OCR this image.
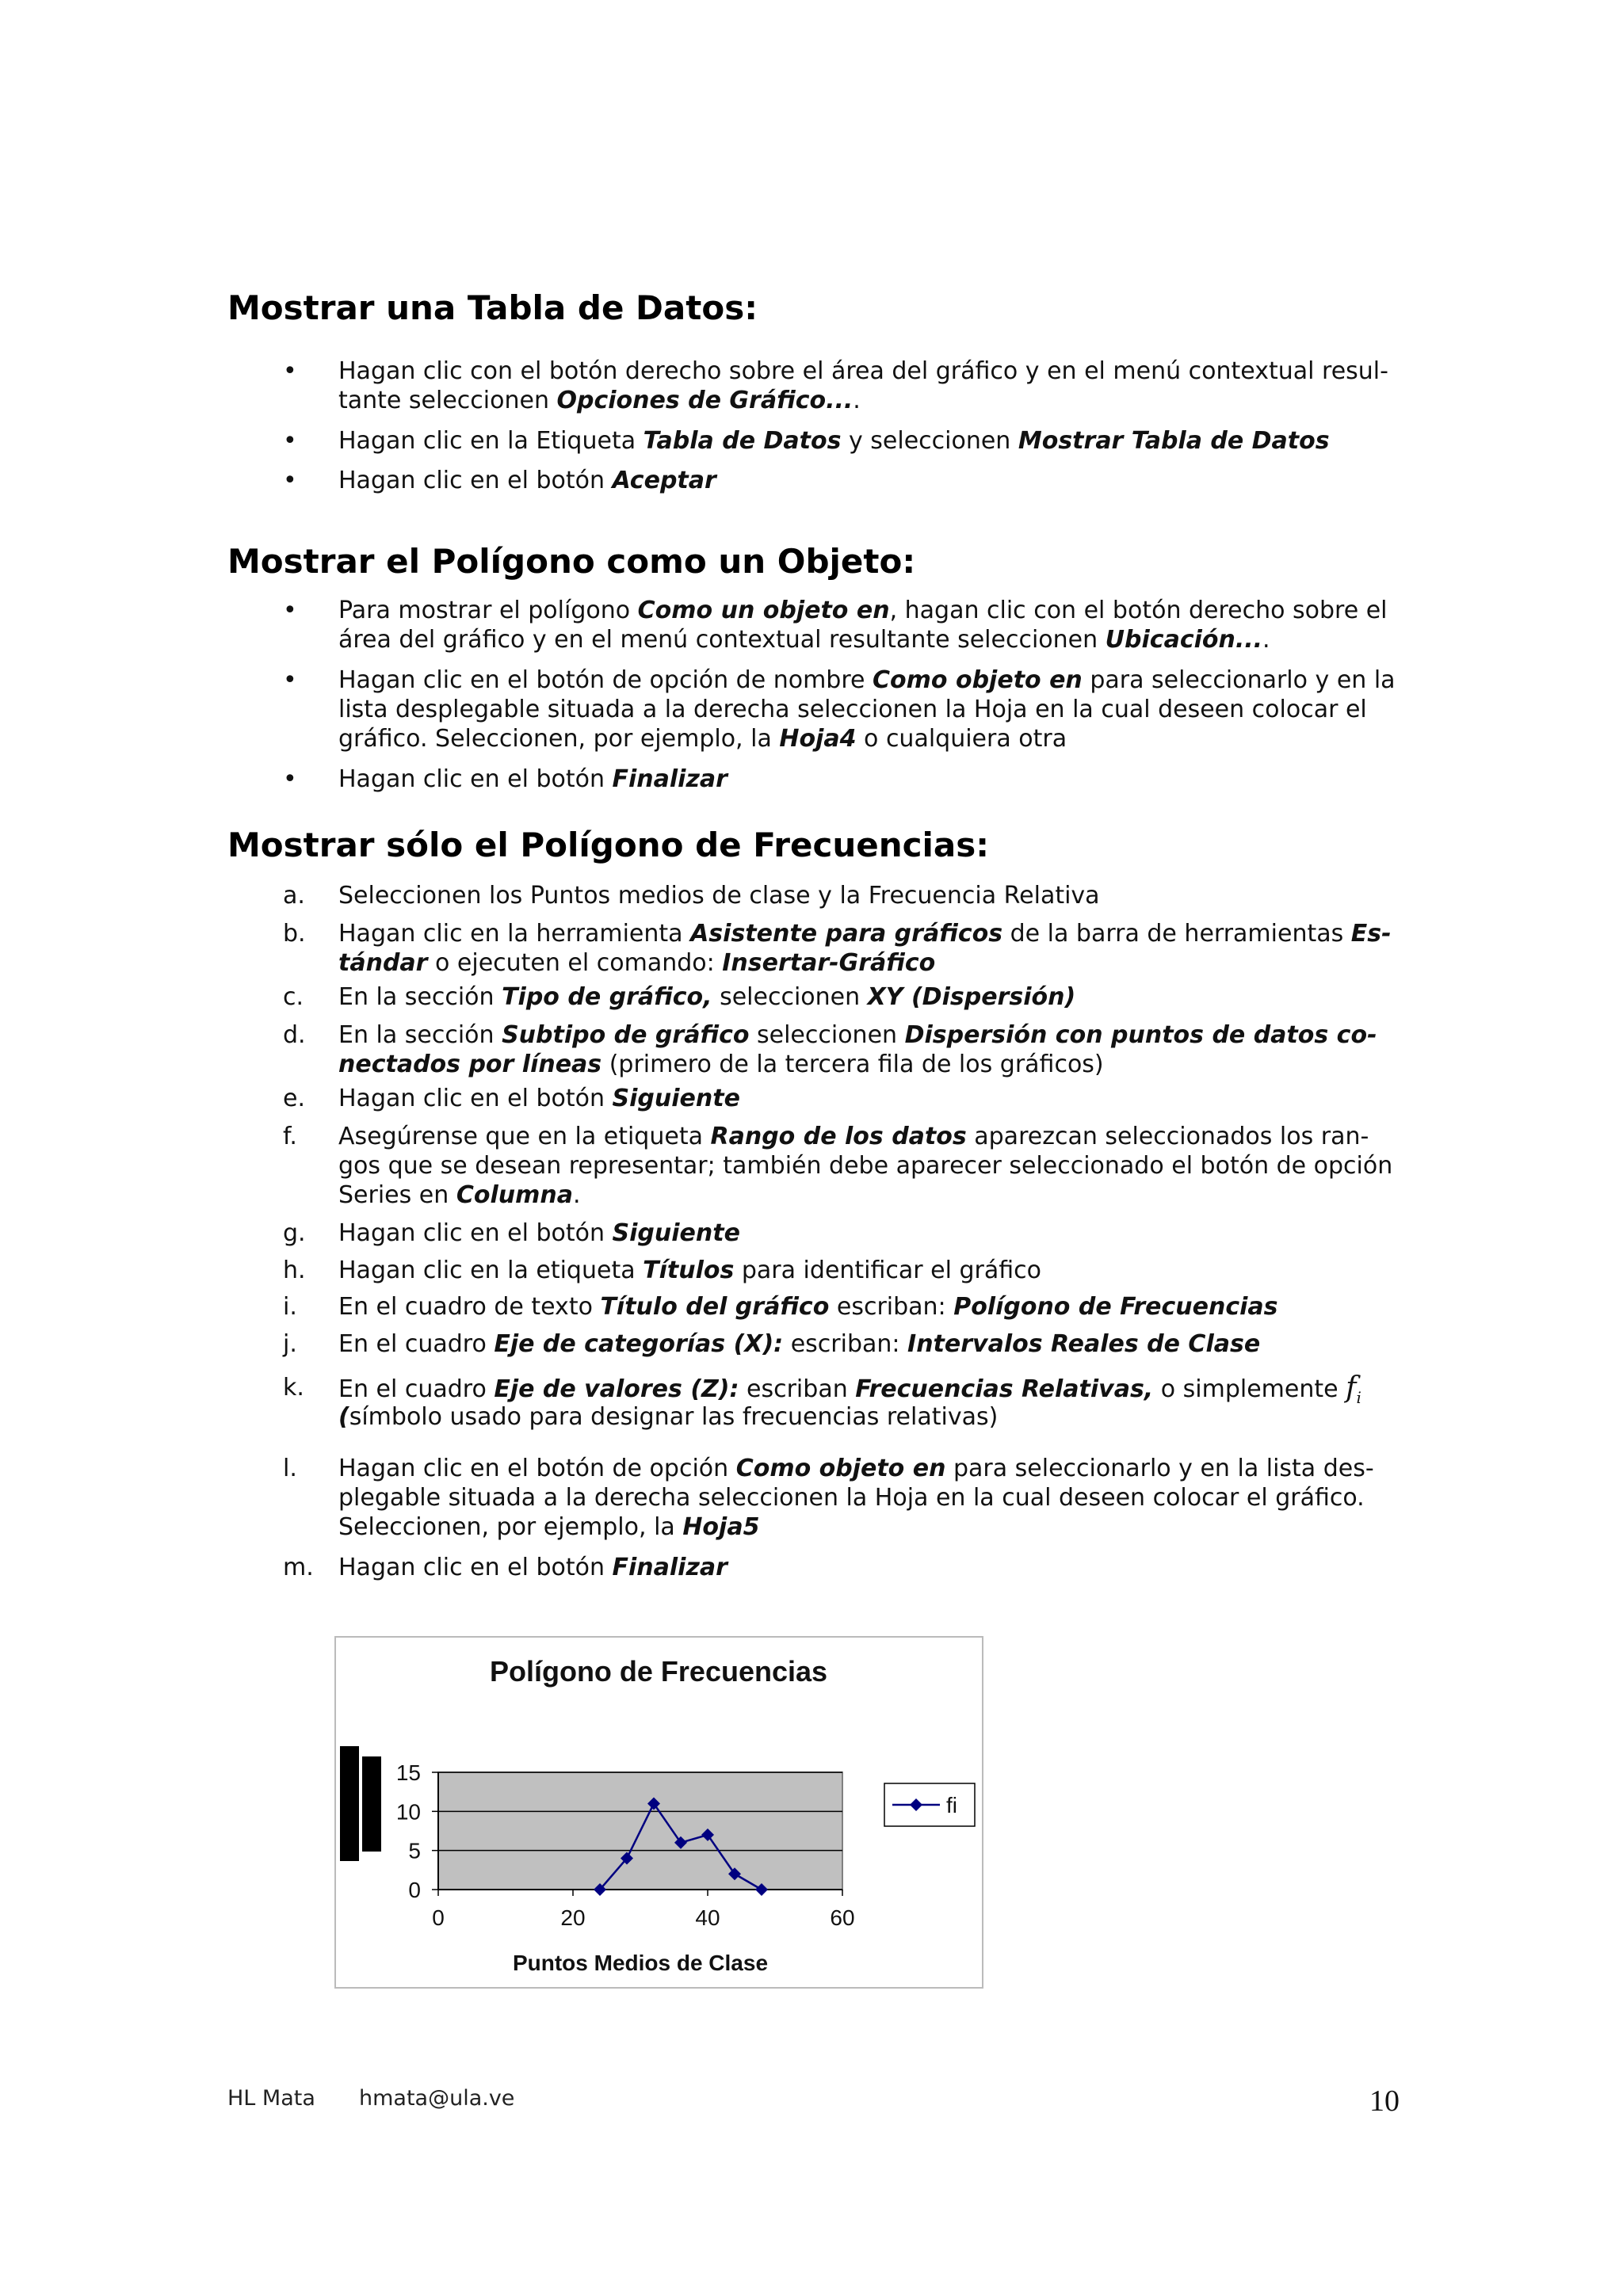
Mostrar una Tabla de Datos:
• Hagan clic con el botón derecho sobre el área del gráfico y en el menú contextual resul-
tante seleccionen Opciones de Gráfico....
• Hagan clic en la Etiqueta Tabla de Datos y seleccionen Mostrar Tabla de Datos
• Hagan clic en el botón Aceptar
Mostrar el Polígono como un Objeto:
• Para mostrar el polígono Como un objeto en, hagan clic con el botón derecho sobre el
área del gráfico y en el menú contextual resultante seleccionen Ubicación....
• Hagan clic en el botón de opción de nombre Como objeto en para seleccionarlo y en la
lista desplegable situada a la derecha seleccionen la Hoja en la cual deseen colocar el
gráfico. Seleccionen, por ejemplo, la Hoja4 o cualquiera otra
• Hagan clic en el botón Finalizar
Mostrar sólo el Polígono de Frecuencias:
a. Seleccionen los Puntos medios de clase y la Frecuencia Relativa
b. Hagan clic en la herramienta Asistente para gráficos de la barra de herramientas Es-
tándar o ejecuten el comando: Insertar-Gráfico
c. En la sección Tipo de gráfico, seleccionen XY (Dispersión)
d. En la sección Subtipo de gráfico seleccionen Dispersión con puntos de datos co-
nectados por líneas (primero de la tercera fila de los gráficos)
e. Hagan clic en el botón Siguiente
f. Asegúrense que en la etiqueta Rango de los datos aparezcan seleccionados los ran-
gos que se desean representar; también debe aparecer seleccionado el botón de opción
Series en Columna.
g. Hagan clic en el botón Siguiente
h. Hagan clic en la etiqueta Títulos para identificar el gráfico
i. En el cuadro de texto Título del gráfico escriban: Polígono de Frecuencias
j. En el cuadro Eje de categorías (X): escriban: Intervalos Reales de Clase
k. En el cuadro Eje de valores (Z): escriban Frecuencias Relativas, o simplemente $f_i$
(símbolo usado para designar las frecuencias relativas)
l. Hagan clic en el botón de opción Como objeto en para seleccionarlo y en la lista des-
plegable situada a la derecha seleccionen la Hoja en la cual deseen colocar el gráfico.
Seleccionen, por ejemplo, la Hoja5
m. Hagan clic en el botón Finalizar
Polígono de Frecuencias
0
5
10
15
0	20	40	60
Puntos Medios de Clase
fi
HL Mata hmata@ula.ve	10
